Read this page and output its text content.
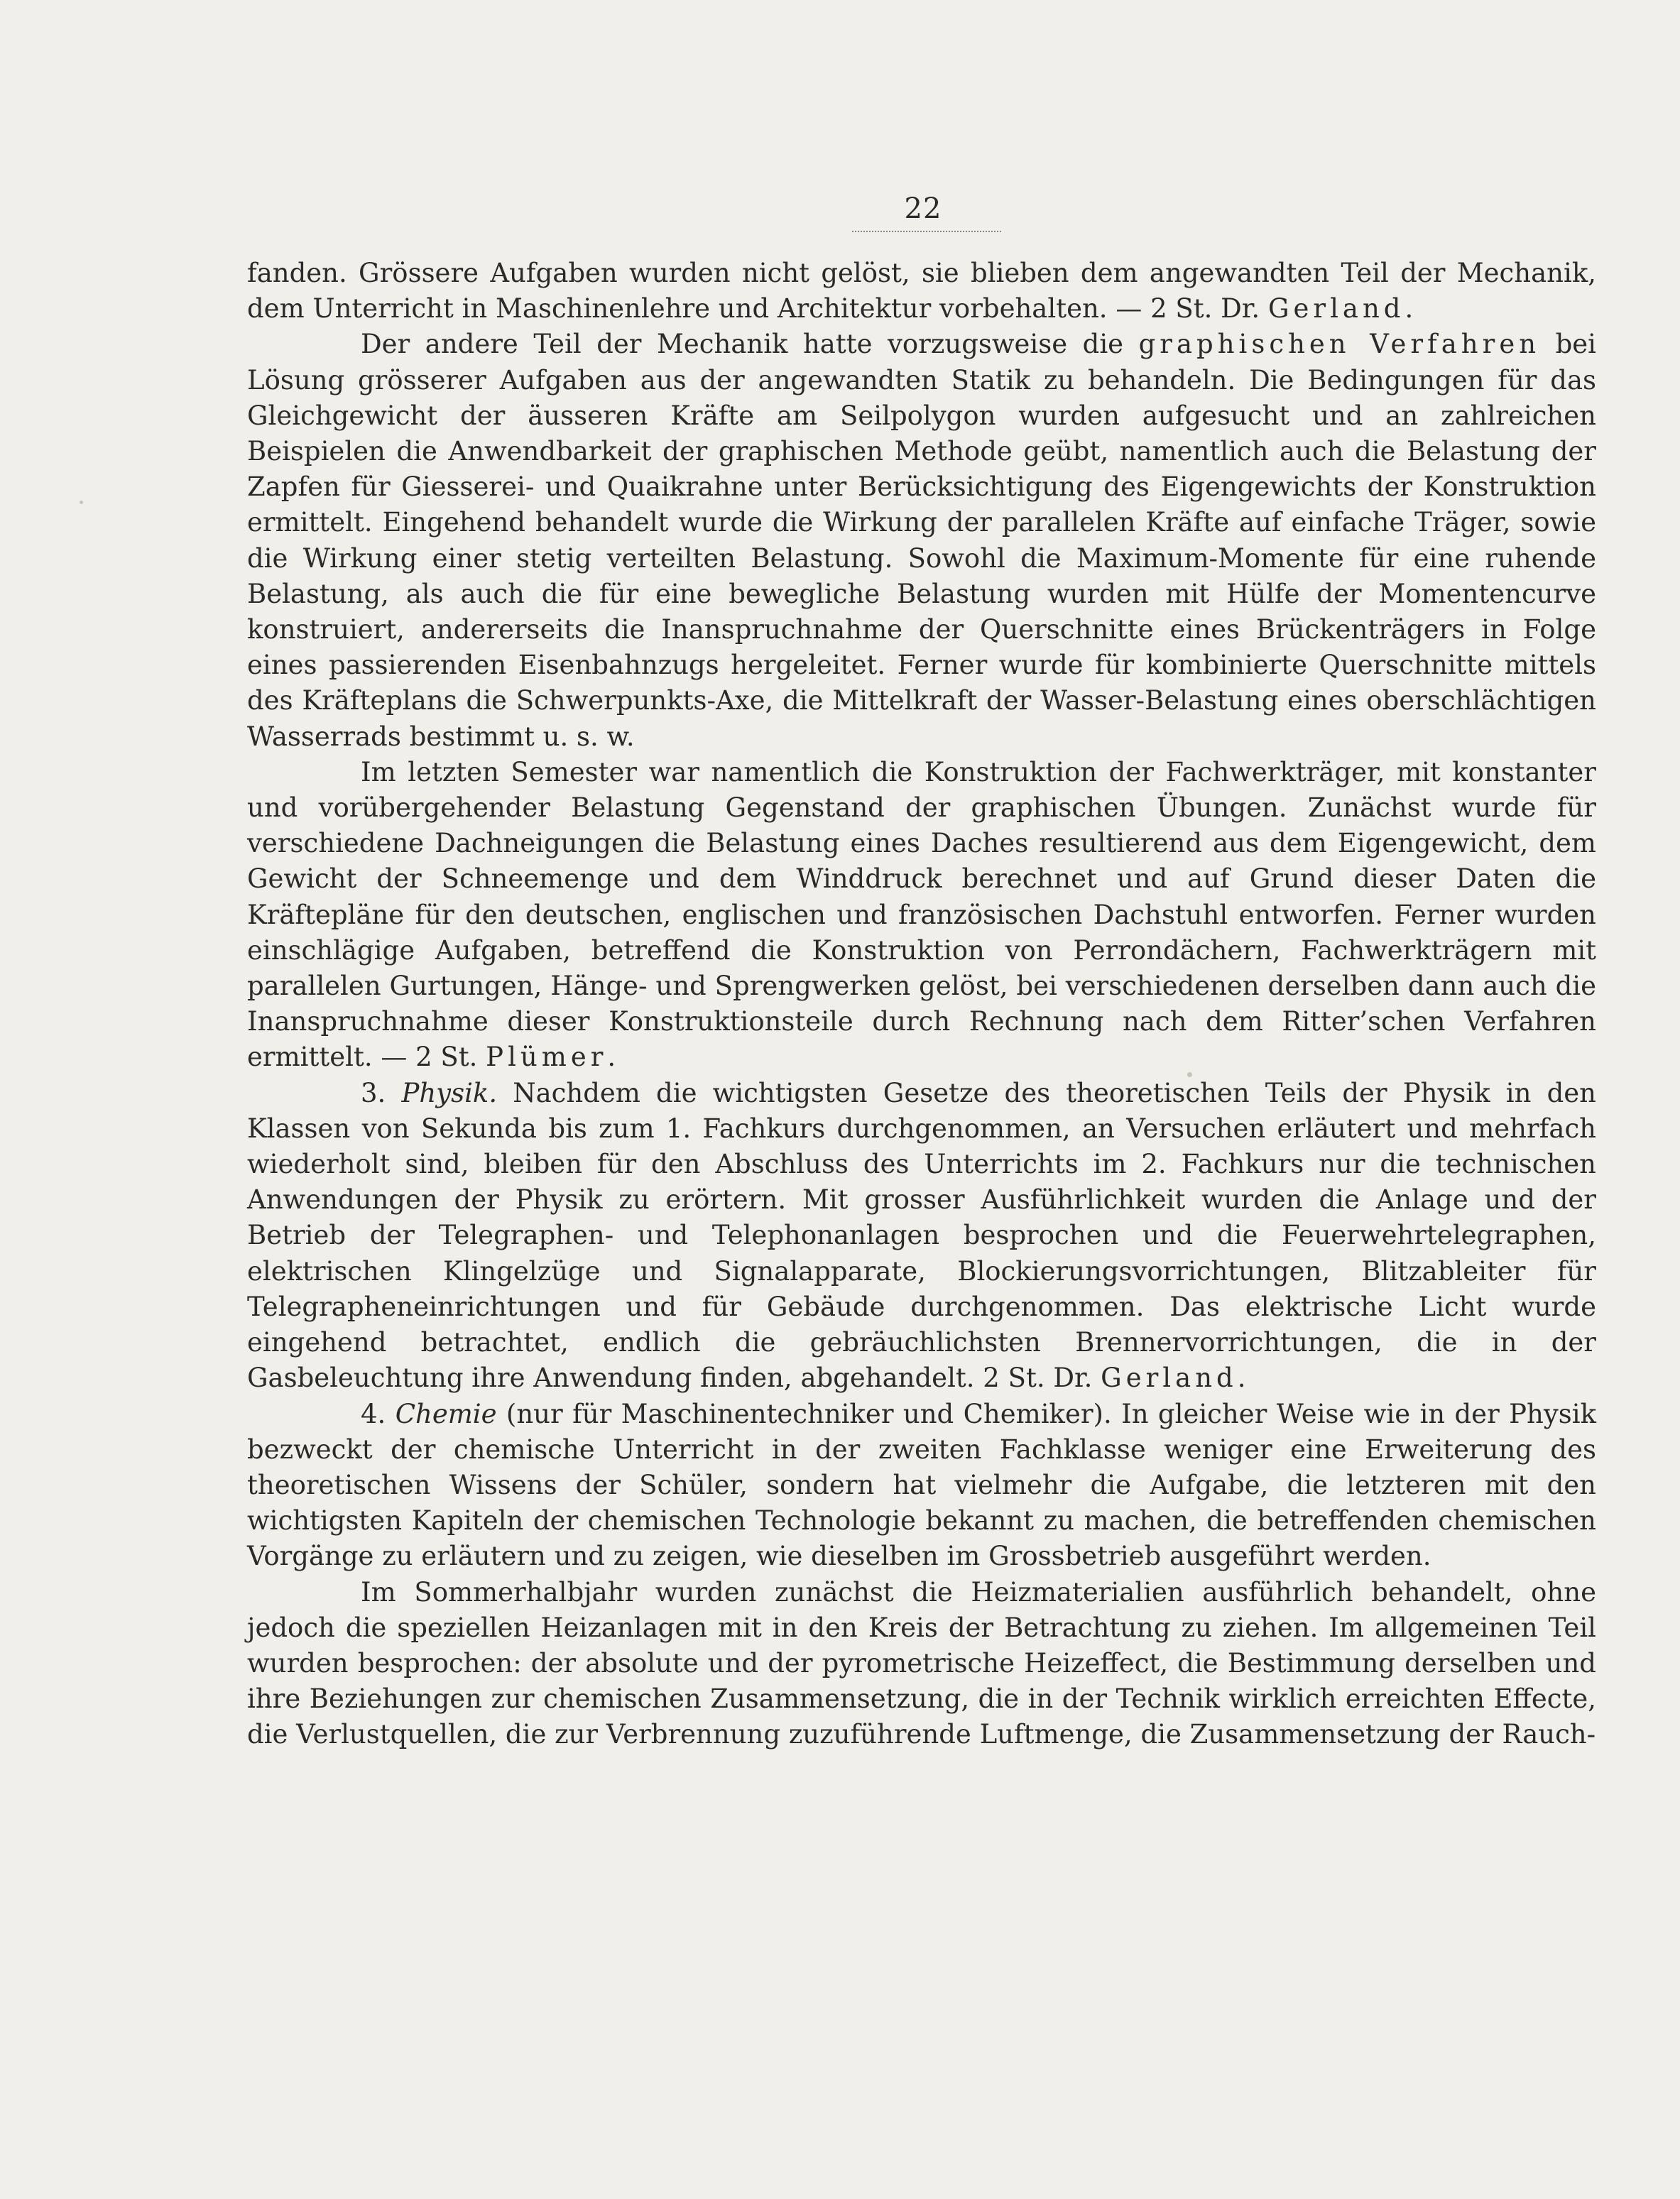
22

fanden. Grössere Aufgaben wurden nicht gelöst, sie blieben dem angewandten Teil der Mechanik, dem Unterricht in Maschinenlehre und Architektur vorbehalten. — 2 St. Dr. Gerland.

Der andere Teil der Mechanik hatte vorzugsweise die graphischen Verfahren bei Lösung grösserer Aufgaben aus der angewandten Statik zu behandeln. Die Bedingungen für das Gleichgewicht der äusseren Kräfte am Seilpolygon wurden aufgesucht und an zahlreichen Beispielen die Anwendbarkeit der graphischen Methode geübt, namentlich auch die Belastung der Zapfen für Giesserei- und Quaikrahne unter Berücksichtigung des Eigengewichts der Konstruktion ermittelt. Eingehend behandelt wurde die Wirkung der parallelen Kräfte auf einfache Träger, sowie die Wirkung einer stetig verteilten Belastung. Sowohl die Maximum-Momente für eine ruhende Belastung, als auch die für eine bewegliche Belastung wurden mit Hülfe der Momentencurve konstruiert, andererseits die Inanspruchnahme der Querschnitte eines Brückenträgers in Folge eines passierenden Eisenbahnzugs hergeleitet. Ferner wurde für kombinierte Querschnitte mittels des Kräfteplans die Schwerpunkts-Axe, die Mittelkraft der Wasser-Belastung eines oberschlächtigen Wasserrads bestimmt u. s. w.

Im letzten Semester war namentlich die Konstruktion der Fachwerkträger, mit konstanter und vorübergehender Belastung Gegenstand der graphischen Übungen. Zunächst wurde für verschiedene Dachneigungen die Belastung eines Daches resultierend aus dem Eigengewicht, dem Gewicht der Schneemenge und dem Winddruck berechnet und auf Grund dieser Daten die Kräftepläne für den deutschen, englischen und französischen Dachstuhl entworfen. Ferner wurden einschlägige Aufgaben, betreffend die Konstruktion von Perrondächern, Fachwerkträgern mit parallelen Gurtungen, Hänge- und Sprengwerken gelöst, bei verschiedenen derselben dann auch die Inanspruchnahme dieser Konstruktionsteile durch Rechnung nach dem Ritter’schen Verfahren ermittelt. — 2 St. Plümer.

3. Physik. Nachdem die wichtigsten Gesetze des theoretischen Teils der Physik in den Klassen von Sekunda bis zum 1. Fachkurs durchgenommen, an Versuchen erläutert und mehrfach wiederholt sind, bleiben für den Abschluss des Unterrichts im 2. Fachkurs nur die technischen Anwendungen der Physik zu erörtern. Mit grosser Ausführlichkeit wurden die Anlage und der Betrieb der Telegraphen- und Telephonanlagen besprochen und die Feuerwehrtelegraphen, elektrischen Klingelzüge und Signalapparate, Blockierungsvorrichtungen, Blitzableiter für Telegrapheneinrichtungen und für Gebäude durchgenommen. Das elektrische Licht wurde eingehend betrachtet, endlich die gebräuchlichsten Brennervorrichtungen, die in der Gasbeleuchtung ihre Anwendung finden, abgehandelt. 2 St. Dr. Gerland.

4. Chemie (nur für Maschinentechniker und Chemiker). In gleicher Weise wie in der Physik bezweckt der chemische Unterricht in der zweiten Fachklasse weniger eine Erweiterung des theoretischen Wissens der Schüler, sondern hat vielmehr die Aufgabe, die letzteren mit den wichtigsten Kapiteln der chemischen Technologie bekannt zu machen, die betreffenden chemischen Vorgänge zu erläutern und zu zeigen, wie dieselben im Grossbetrieb ausgeführt werden.

Im Sommerhalbjahr wurden zunächst die Heizmaterialien ausführlich behandelt, ohne jedoch die speziellen Heizanlagen mit in den Kreis der Betrachtung zu ziehen. Im allgemeinen Teil wurden besprochen: der absolute und der pyrometrische Heizeffect, die Bestimmung derselben und ihre Beziehungen zur chemischen Zusammensetzung, die in der Technik wirklich erreichten Effecte, die Verlustquellen, die zur Verbrennung zuzuführende Luftmenge, die Zusammensetzung der Rauch-
